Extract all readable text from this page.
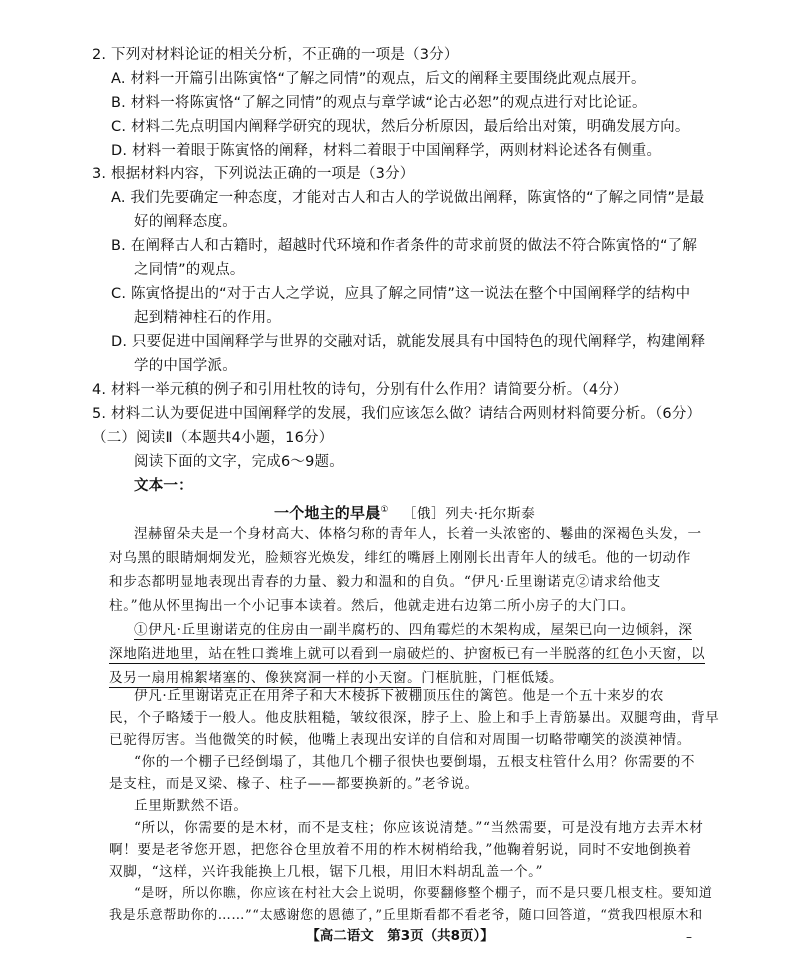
2. 下列对材料论证的相关分析，不正确的一项是（3分）
A. 材料一开篇引出陈寅恪“了解之同情”的观点，后文的阐释主要围绕此观点展开。
B. 材料一将陈寅恪“了解之同情”的观点与章学诚“论古必恕”的观点进行对比论证。
C. 材料二先点明国内阐释学研究的现状，然后分析原因，最后给出对策，明确发展方向。
D. 材料一着眼于陈寅恪的阐释，材料二着眼于中国阐释学，两则材料论述各有侧重。
3. 根据材料内容，下列说法正确的一项是（3分）
A. 我们先要确定一种态度，才能对古人和古人的学说做出阐释，陈寅恪的“了解之同情”是最
好的阐释态度。
B. 在阐释古人和古籍时，超越时代环境和作者条件的苛求前贤的做法不符合陈寅恪的“了解
之同情”的观点。
C. 陈寅恪提出的“对于古人之学说，应具了解之同情”这一说法在整个中国阐释学的结构中
起到精神柱石的作用。
D. 只要促进中国阐释学与世界的交融对话，就能发展具有中国特色的现代阐释学，构建阐释
学的中国学派。
4. 材料一举元稹的例子和引用杜牧的诗句，分别有什么作用？请简要分析。（4分）
5. 材料二认为要促进中国阐释学的发展，我们应该怎么做？请结合两则材料简要分析。（6分）
（二）阅读Ⅱ（本题共4小题，16分）
阅读下面的文字，完成6～9题。
文本一：
一个地主的早晨① ［俄］列夫·托尔斯泰
涅赫留朵夫是一个身材高大、体格匀称的青年人，长着一头浓密的、鬈曲的深褐色头发，一
对乌黑的眼睛炯炯发光，脸颊容光焕发，绯红的嘴唇上刚刚长出青年人的绒毛。他的一切动作
和步态都明显地表现出青春的力量、毅力和温和的自负。“伊凡·丘里谢诺克②请求给他支
柱。”他从怀里掏出一个小记事本读着。然后，他就走进右边第二所小房子的大门口。
①伊凡·丘里谢诺克的住房由一副半腐朽的、四角霉烂的木架构成，屋架已向一边倾斜，深
深地陷进地里，站在牲口粪堆上就可以看到一扇破烂的、护窗板已有一半脱落的红色小天窗，以
及另一扇用棉絮堵塞的、像狭窝洞一样的小天窗。门框肮脏，门框低矮。
伊凡·丘里谢诺克正在用斧子和大木棱拆下被棚顶压住的篱笆。他是一个五十来岁的农
民，个子略矮于一般人。他皮肤粗糙，皱纹很深，脖子上、脸上和手上青筋暴出。双腿弯曲，背早
已驼得厉害。当他微笑的时候，他嘴上表现出安详的自信和对周围一切略带嘲笑的淡漠神情。
“你的一个棚子已经倒塌了，其他几个棚子很快也要倒塌，五根支柱管什么用？你需要的不
是支柱，而是叉梁、椽子、柱子——都要换新的。”老爷说。
丘里斯默然不语。
“所以，你需要的是木材，而不是支柱；你应该说清楚。”“当然需要，可是没有地方去弄木材
啊！要是老爷您开恩，把您谷仓里放着不用的柞木树梢给我，”他鞠着躬说，同时不安地倒换着
双脚，“这样，兴许我能换上几根，锯下几根，用旧木料胡乱盖一个。”
“是呀，所以你瞧，你应该在村社大会上说明，你要翻修整个棚子，而不是只要几根支柱。要知道
我是乐意帮助你的……”“太感谢您的恩德了，”丘里斯看都不看老爷，随口回答道，“赏我四根原木和
【高二语文　第3页（共8页）】	–
